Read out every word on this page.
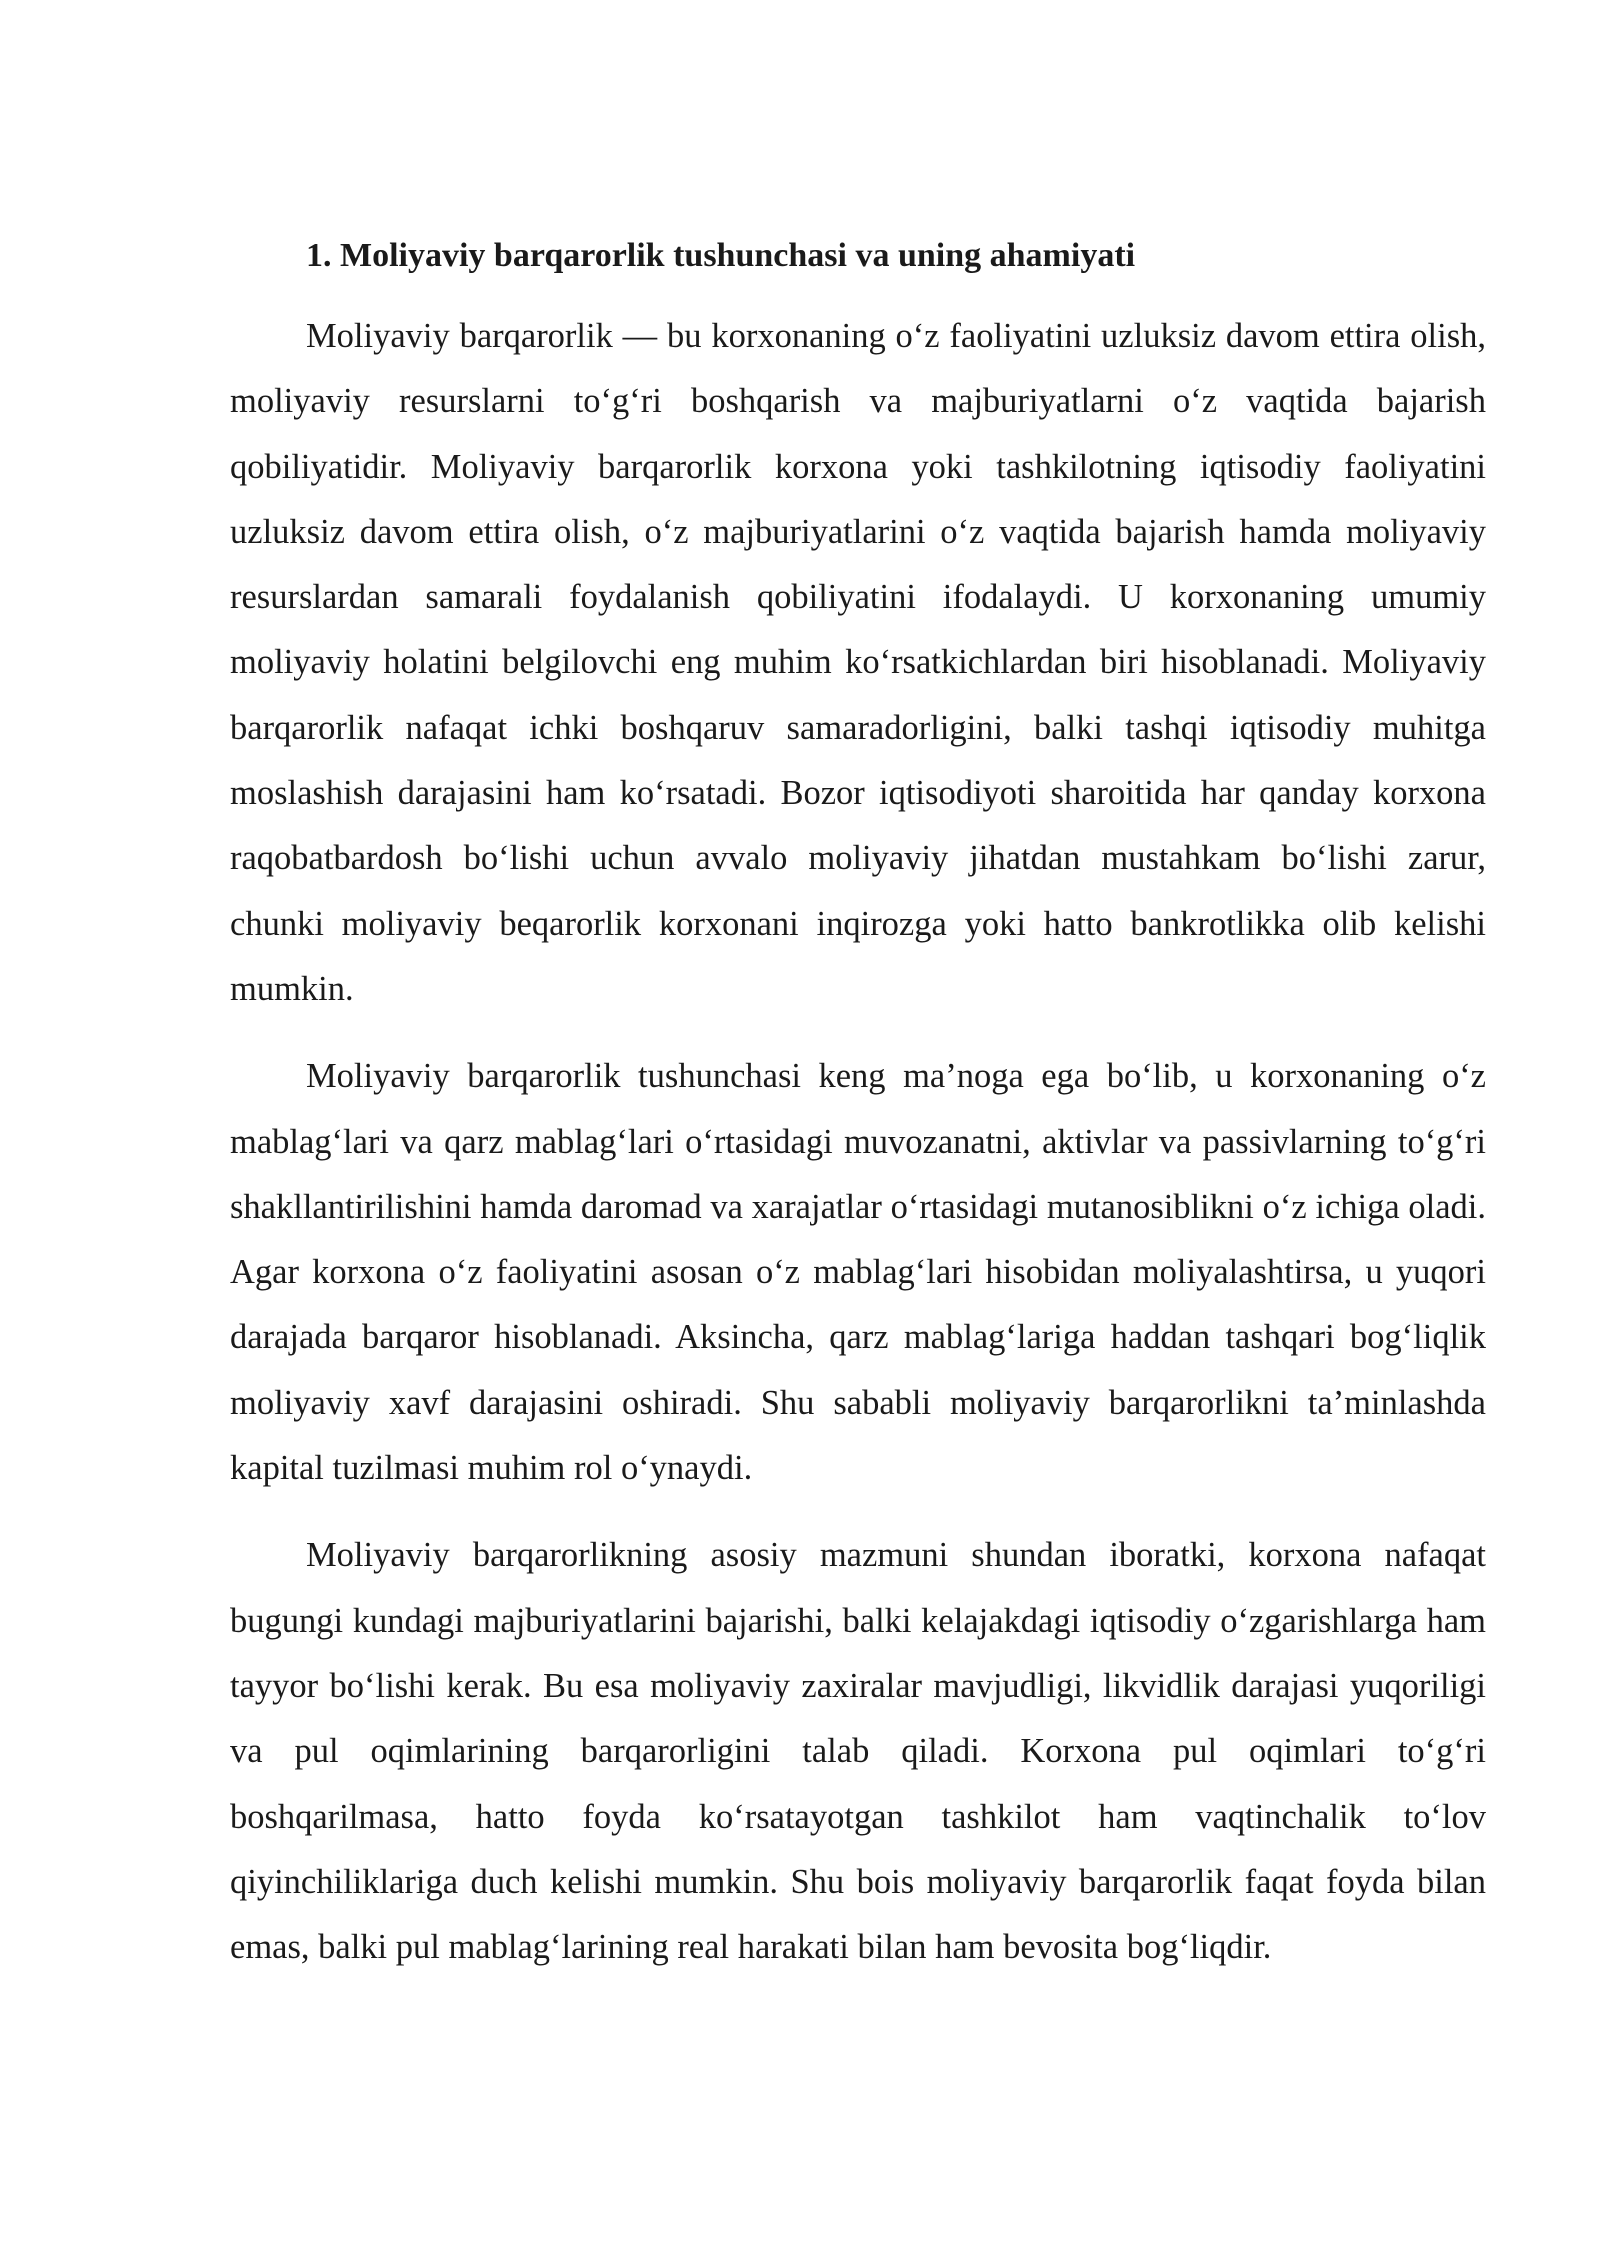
1. Moliyaviy barqarorlik tushunchasi va uning ahamiyati

Moliyaviy barqarorlik — bu korxonaning o‘z faoliyatini uzluksiz davom ettira olish, moliyaviy resurslarni to‘g‘ri boshqarish va majburiyatlarni o‘z vaqtida bajarish qobiliyatidir. Moliyaviy barqarorlik korxona yoki tashkilotning iqtisodiy faoliyatini uzluksiz davom ettira olish, o‘z majburiyatlarini o‘z vaqtida bajarish hamda moliyaviy resurslardan samarali foydalanish qobiliyatini ifodalaydi. U korxonaning umumiy moliyaviy holatini belgilovchi eng muhim ko‘rsatkichlardan biri hisoblanadi. Moliyaviy barqarorlik nafaqat ichki boshqaruv samaradorligini, balki tashqi iqtisodiy muhitga moslashish darajasini ham ko‘rsatadi. Bozor iqtisodiyoti sharoitida har qanday korxona raqobatbardosh bo‘lishi uchun avvalo moliyaviy jihatdan mustahkam bo‘lishi zarur, chunki moliyaviy beqarorlik korxonani inqirozga yoki hatto bankrotlikka olib kelishi mumkin.

Moliyaviy barqarorlik tushunchasi keng ma’noga ega bo‘lib, u korxonaning o‘z mablag‘lari va qarz mablag‘lari o‘rtasidagi muvozanatni, aktivlar va passivlarning to‘g‘ri shakllantirilishini hamda daromad va xarajatlar o‘rtasidagi mutanosiblikni o‘z ichiga oladi. Agar korxona o‘z faoliyatini asosan o‘z mablag‘lari hisobidan moliyalashtirsa, u yuqori darajada barqaror hisoblanadi. Aksincha, qarz mablag‘lariga haddan tashqari bog‘liqlik moliyaviy xavf darajasini oshiradi. Shu sababli moliyaviy barqarorlikni ta’minlashda kapital tuzilmasi muhim rol o‘ynaydi.

Moliyaviy barqarorlikning asosiy mazmuni shundan iboratki, korxona nafaqat bugungi kundagi majburiyatlarini bajarishi, balki kelajakdagi iqtisodiy o‘zgarishlarga ham tayyor bo‘lishi kerak. Bu esa moliyaviy zaxiralar mavjudligi, likvidlik darajasi yuqoriligi va pul oqimlarining barqarorligini talab qiladi. Korxona pul oqimlari to‘g‘ri boshqarilmasa, hatto foyda ko‘rsatayotgan tashkilot ham vaqtinchalik to‘lov qiyinchiliklariga duch kelishi mumkin. Shu bois moliyaviy barqarorlik faqat foyda bilan emas, balki pul mablag‘larining real harakati bilan ham bevosita bog‘liqdir.
